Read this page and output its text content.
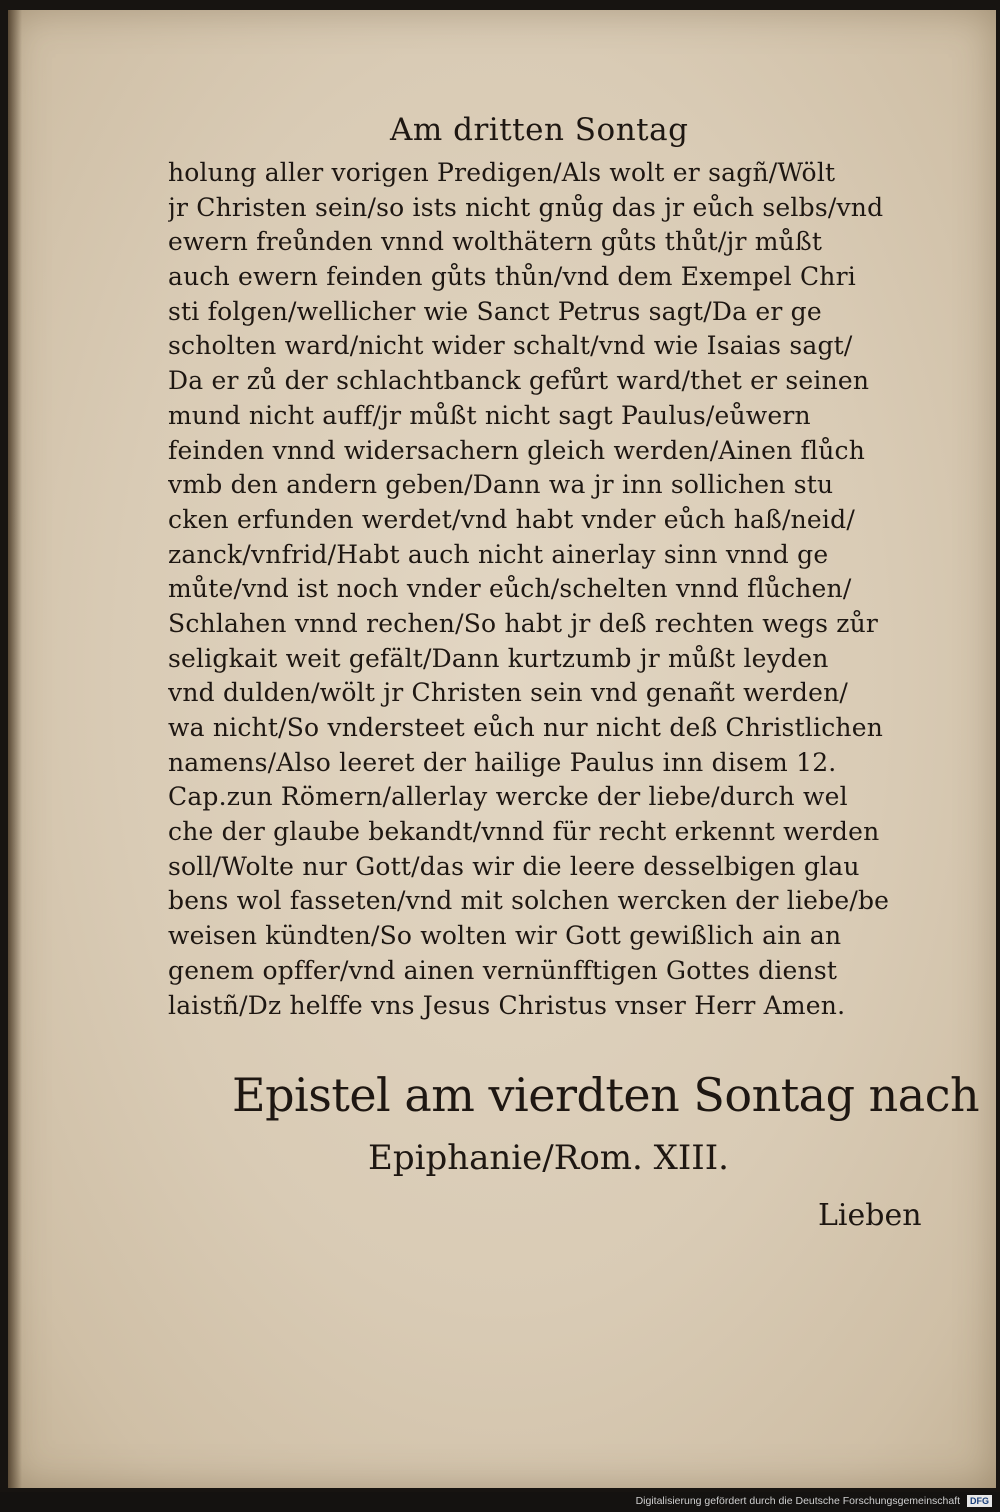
Am dritten Sontag
holung aller vorigen Predigen/Als wolt er sagñ/Wölt
jr Christen sein/so ists nicht gnůg das jr eůch selbs/vnd
ewern freůnden vnnd wolthätern gůts thůt/jr můßt
auch ewern feinden gůts thůn/vnd dem Exempel Chri
sti folgen/wellicher wie Sanct Petrus sagt/Da er ge
scholten ward/nicht wider schalt/vnd wie Isaias sagt/
Da er zů der schlachtbanck gefůrt ward/thet er seinen
mund nicht auff/jr můßt nicht sagt Paulus/eůwern
feinden vnnd widersachern gleich werden/Ainen flůch
vmb den andern geben/Dann wa jr inn sollichen stu
cken erfunden werdet/vnd habt vnder eůch haß/neid/
zanck/vnfrid/Habt auch nicht ainerlay sinn vnnd ge
můte/vnd ist noch vnder eůch/schelten vnnd flůchen/
Schlahen vnnd rechen/So habt jr deß rechten wegs zůr
seligkait weit gefält/Dann kurtzumb jr můßt leyden
vnd dulden/wölt jr Christen sein vnd genañt werden/
wa nicht/So vndersteet eůch nur nicht deß Christlichen
namens/Also leeret der hailige Paulus inn disem 12.
Cap.zun Römern/allerlay wercke der liebe/durch wel
che der glaube bekandt/vnnd für recht erkennt werden
soll/Wolte nur Gott/das wir die leere desselbigen glau
bens wol fasseten/vnd mit solchen wercken der liebe/be
weisen kündten/So wolten wir Gott gewißlich ain an
genem opffer/vnd ainen vernünfftigen Gottes dienst
laistñ/Dz helffe vns Jesus Christus vnser Herr Amen.
Epistel am vierdten Sontag nach
Epiphanie/Rom. XIII.
Lieben
Digitalisierung gefördert durch die Deutsche Forschungsgemeinschaft DFG
